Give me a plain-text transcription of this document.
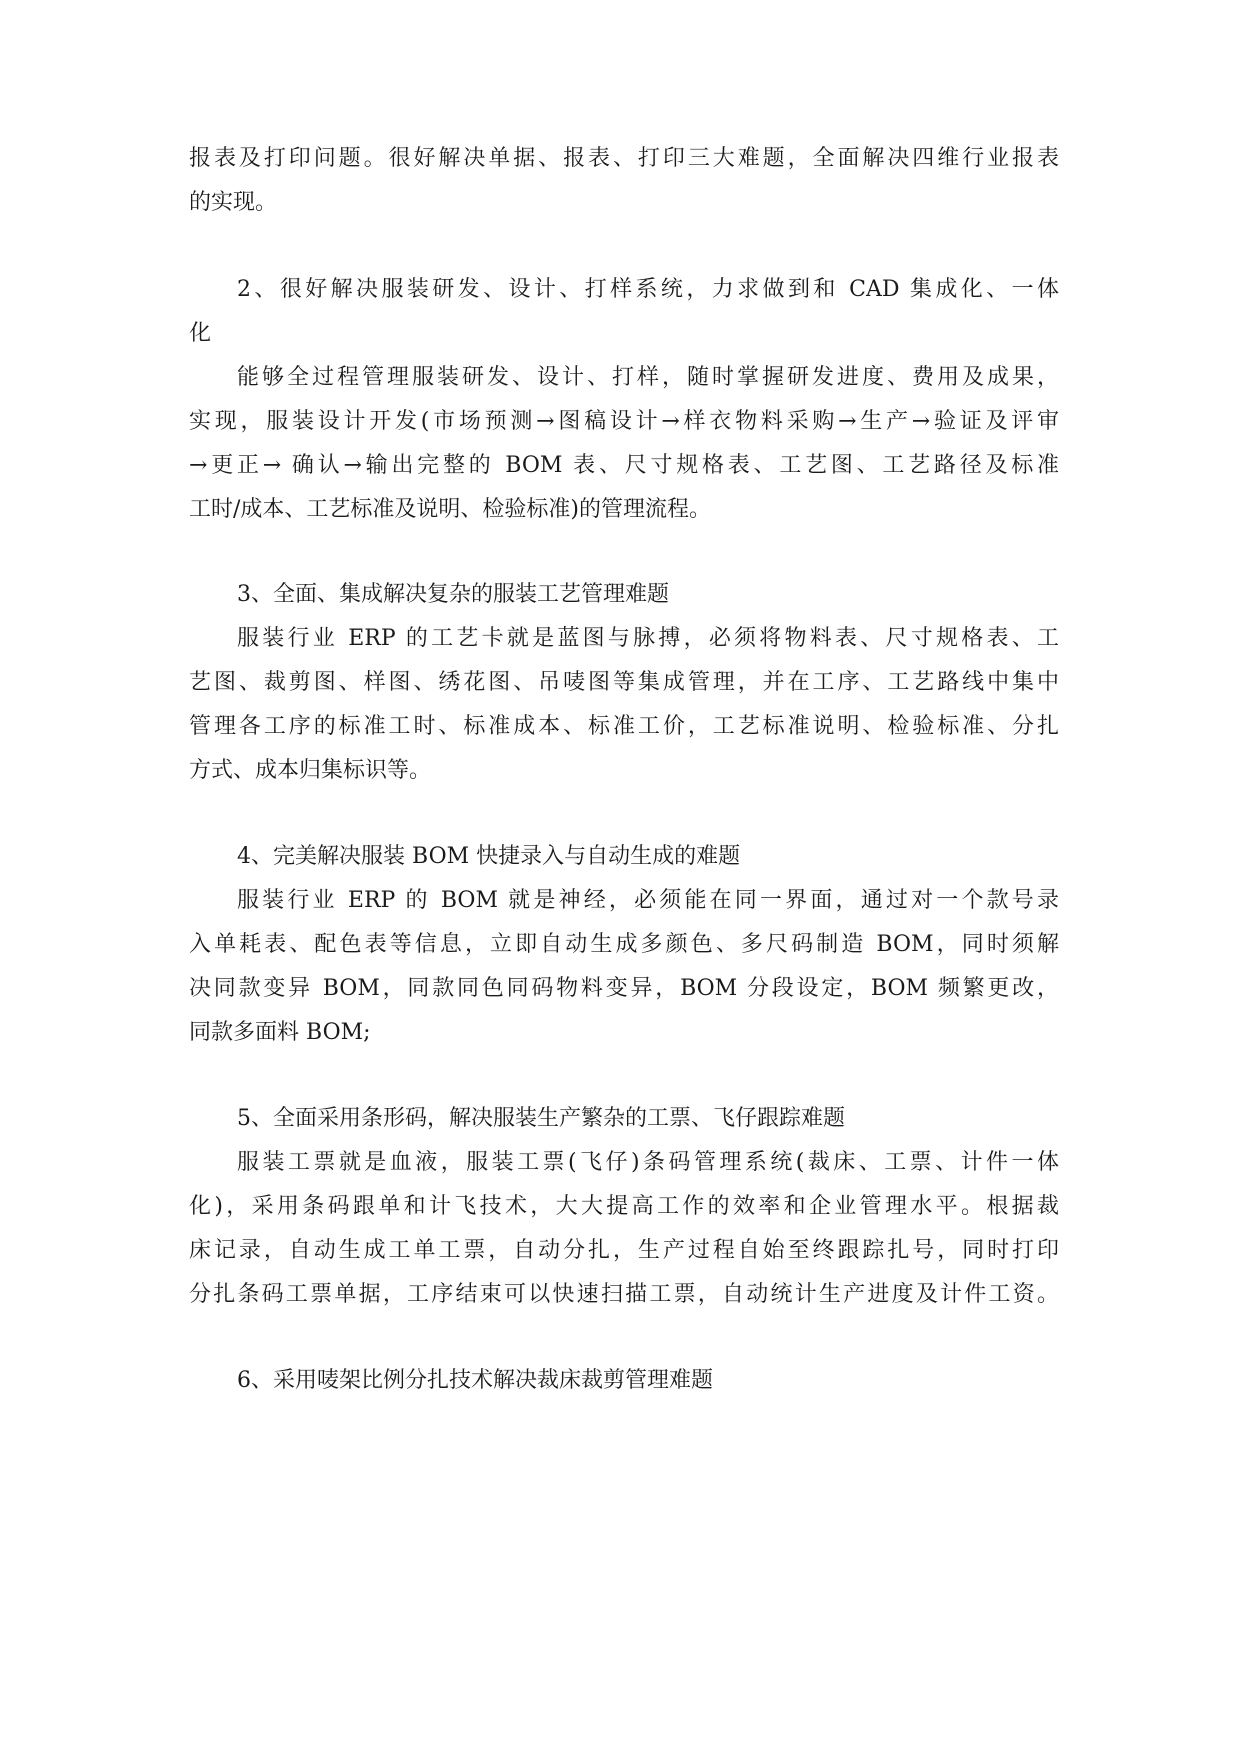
报表及打印问题。很好解决单据、报表、打印三大难题，全面解决四维行业报表
的实现。
2、很好解决服装研发、设计、打样系统，力求做到和 CAD 集成化、一体
化
能够全过程管理服装研发、设计、打样，随时掌握研发进度、费用及成果，
实现，服装设计开发(市场预测→图稿设计→样衣物料采购→生产→验证及评审
→更正→ 确认→输出完整的 BOM 表、尺寸规格表、工艺图、工艺路径及标准
工时/成本、工艺标准及说明、检验标准)的管理流程。
3、全面、集成解决复杂的服装工艺管理难题
服装行业 ERP 的工艺卡就是蓝图与脉搏，必须将物料表、尺寸规格表、工
艺图、裁剪图、样图、绣花图、吊唛图等集成管理，并在工序、工艺路线中集中
管理各工序的标准工时、标准成本、标准工价，工艺标准说明、检验标准、分扎
方式、成本归集标识等。
4、完美解决服装 BOM 快捷录入与自动生成的难题
服装行业 ERP 的 BOM 就是神经，必须能在同一界面，通过对一个款号录
入单耗表、配色表等信息，立即自动生成多颜色、多尺码制造 BOM，同时须解
决同款变异 BOM，同款同色同码物料变异，BOM 分段设定，BOM 频繁更改，
同款多面料 BOM;
5、全面采用条形码，解决服装生产繁杂的工票、飞仔跟踪难题
服装工票就是血液，服装工票(飞仔)条码管理系统(裁床、工票、计件一体
化)，采用条码跟单和计飞技术，大大提高工作的效率和企业管理水平。根据裁
床记录，自动生成工单工票，自动分扎，生产过程自始至终跟踪扎号，同时打印
分扎条码工票单据，工序结束可以快速扫描工票，自动统计生产进度及计件工资。
6、采用唛架比例分扎技术解决裁床裁剪管理难题
